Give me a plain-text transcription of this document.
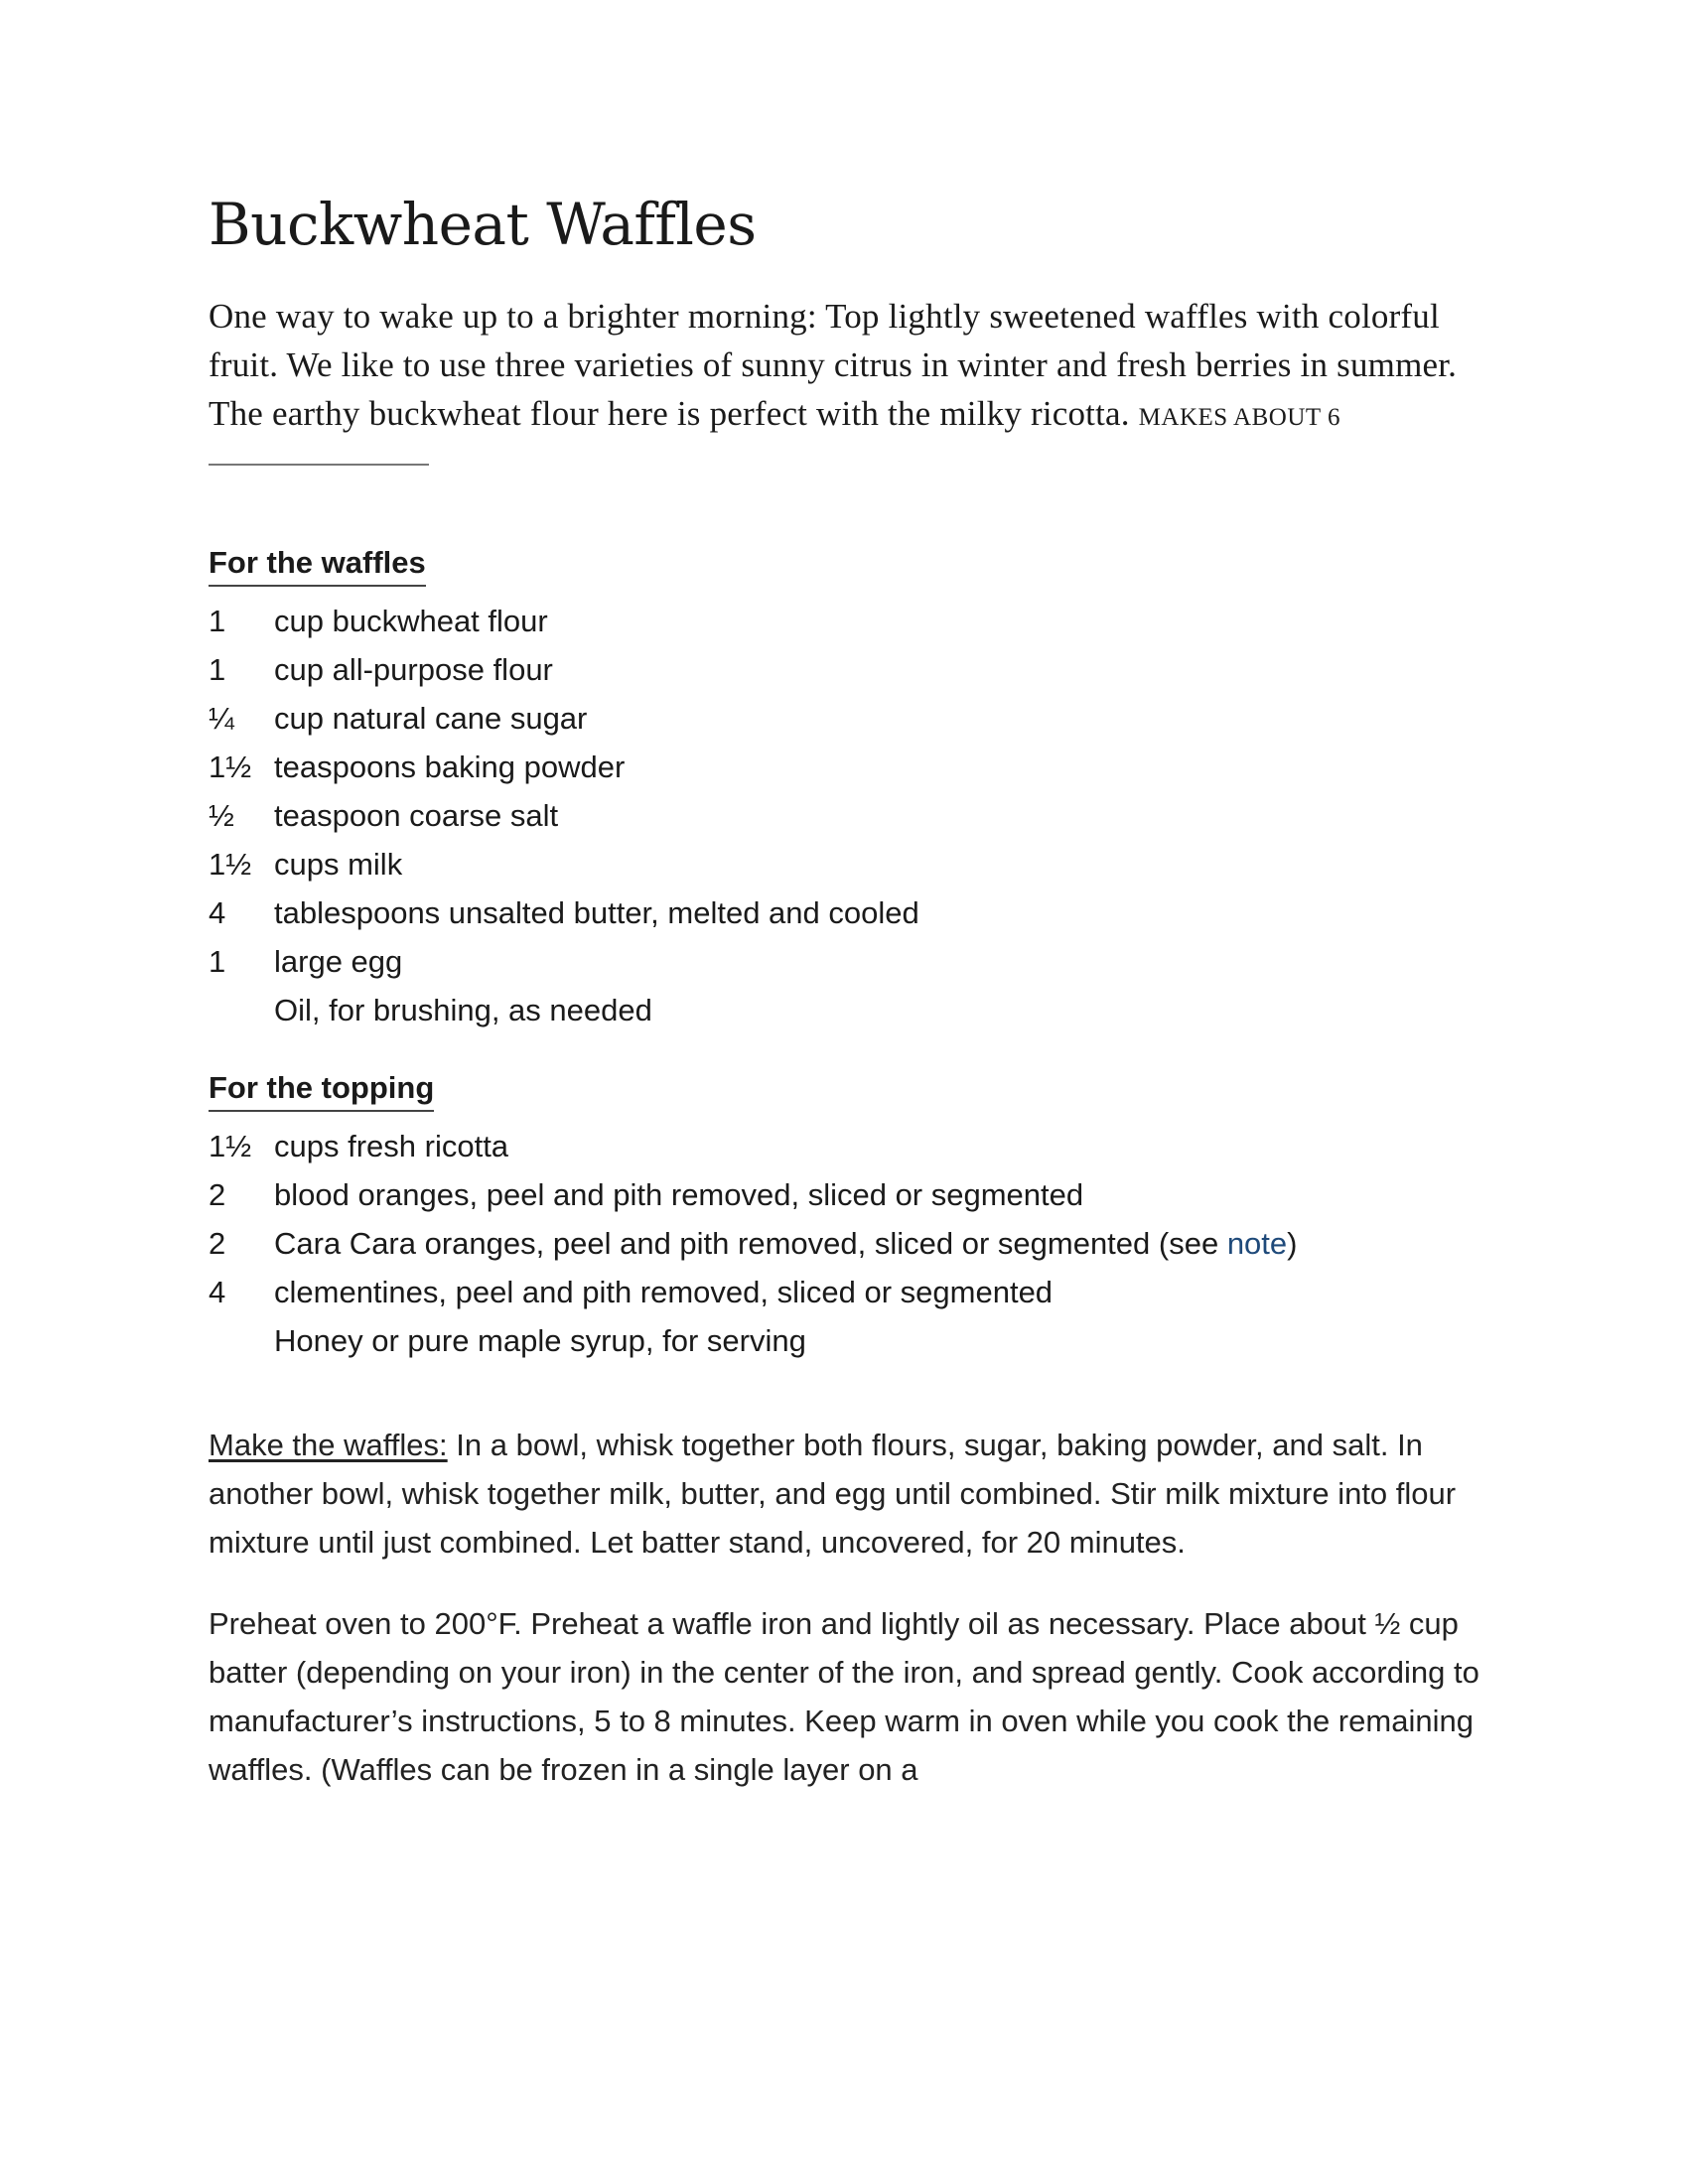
Buckwheat Waffles

One way to wake up to a brighter morning: Top lightly sweetened waffles with colorful fruit. We like to use three varieties of sunny citrus in winter and fresh berries in summer. The earthy buckwheat flour here is perfect with the milky ricotta. MAKES ABOUT 6

For the waffles
1	cup buckwheat flour
1	cup all-purpose flour
¼	cup natural cane sugar
1½ teaspoons baking powder
½	teaspoon coarse salt
1½ cups milk
4	tablespoons unsalted butter, melted and cooled
1	large egg
Oil, for brushing, as needed
For the topping
1½ cups fresh ricotta
2	blood oranges, peel and pith removed, sliced or segmented
2	Cara Cara oranges, peel and pith removed, sliced or segmented (see note)
4	clementines, peel and pith removed, sliced or segmented
Honey or pure maple syrup, for serving

Make the waffles: In a bowl, whisk together both flours, sugar, baking powder, and salt. In another bowl, whisk together milk, butter, and egg until combined. Stir milk mixture into flour mixture until just combined. Let batter stand, uncovered, for 20 minutes.

Preheat oven to 200°F. Preheat a waffle iron and lightly oil as necessary. Place about ½ cup batter (depending on your iron) in the center of the iron, and spread gently. Cook according to manufacturer’s instructions, 5 to 8 minutes. Keep warm in oven while you cook the remaining waffles. (Waffles can be frozen in a single layer on a
